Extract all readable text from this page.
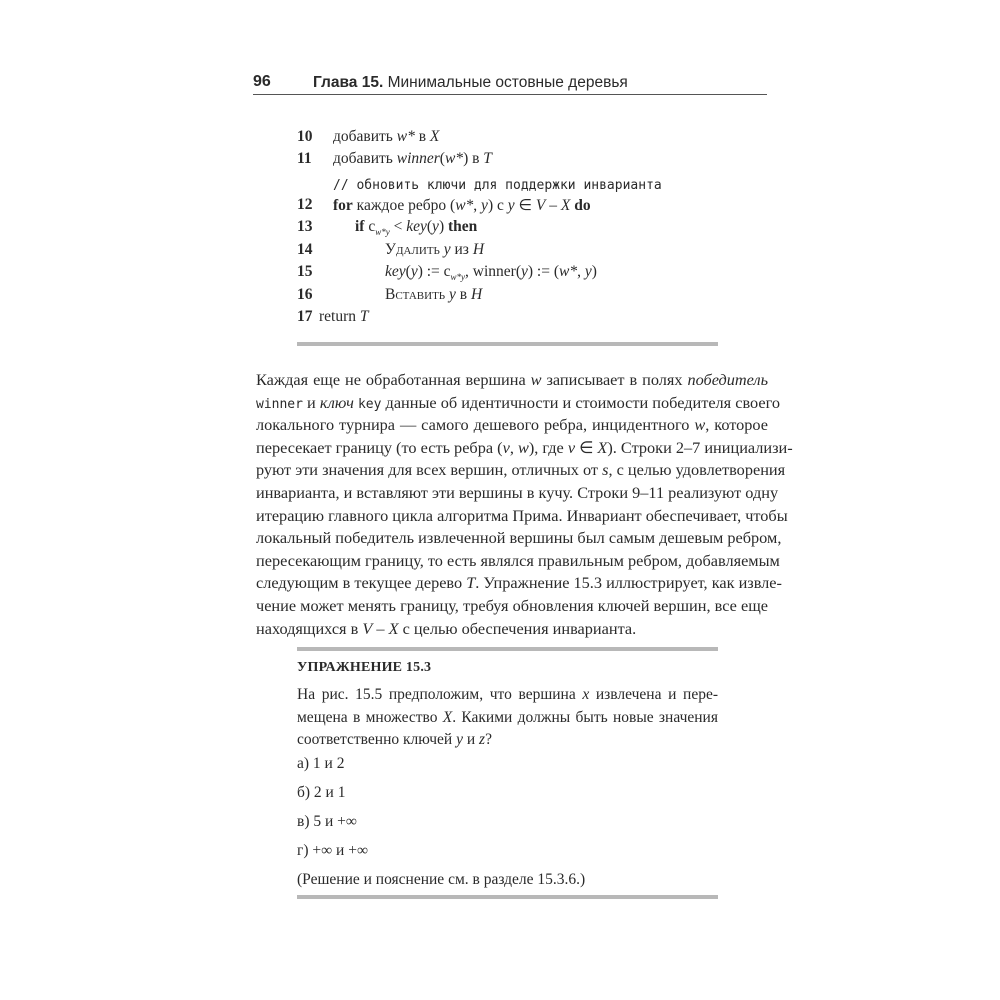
96	Глава 15. Минимальные остовные деревья
10 добавить w* в X
11 добавить winner(w*) в T
// обновить ключи для поддержки инварианта
12 for каждое ребро (w*, y) с y ∈ V – X do
13	if $c_{w*y} < key(y)$ then
14	Удалить y из H
15	key(y) := $c_{w*y}$, winner(y) := (w*, y)
16	Вставить y в H
17 return T
Каждая еще не обработанная вершина w записывает в полях победитель
winner и ключ key данные об идентичности и стоимости победителя своего
локального турнира — самого дешевого ребра, инцидентного w, которое
пересекает границу (то есть ребра (v, w), где v ∈ X). Строки 2–7 инициализи-
руют эти значения для всех вершин, отличных от s, с целью удовлетворения
инварианта, и вставляют эти вершины в кучу. Строки 9–11 реализуют одну
итерацию главного цикла алгоритма Прима. Инвариант обеспечивает, чтобы
локальный победитель извлеченной вершины был самым дешевым ребром,
пересекающим границу, то есть являлся правильным ребром, добавляемым
следующим в текущее дерево T. Упражнение 15.3 иллюстрирует, как извле-
чение может менять границу, требуя обновления ключей вершин, все еще
находящихся в V – X с целью обеспечения инварианта.
УПРАЖНЕНИЕ 15.3
На рис. 15.5 предположим, что вершина x извлечена и пере-
мещена в множество X. Какими должны быть новые значения
соответственно ключей y и z?
а) 1 и 2
б) 2 и 1
в) 5 и +∞
г) +∞ и +∞
(Решение и пояснение см. в разделе 15.3.6.)
